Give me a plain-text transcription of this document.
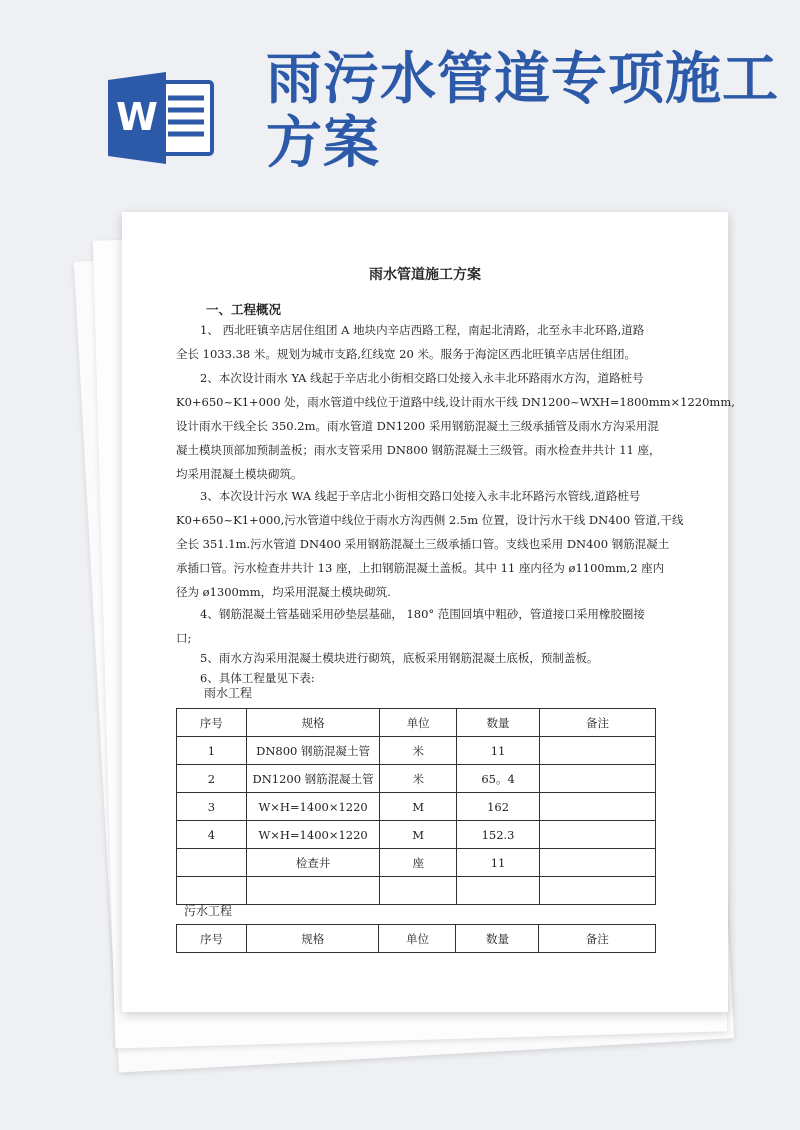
W
雨污水管道专项施工方案
雨水管道施工方案
一、工程概况
1、 西北旺镇辛店居住组团 A 地块内辛店西路工程，南起北清路，北至永丰北环路,道路
全长 1033.38 米。规划为城市支路,红线宽 20 米。服务于海淀区西北旺镇辛店居住组团。
2、本次设计雨水 YA 线起于辛店北小街相交路口处接入永丰北环路雨水方沟，道路桩号
K0+650~K1+000 处，雨水管道中线位于道路中线,设计雨水干线 DN1200~WXH=1800mm×1220mm,
设计雨水干线全长 350.2m。雨水管道 DN1200 采用钢筋混凝土三级承插管及雨水方沟采用混
凝土模块顶部加预制盖板；雨水支管采用 DN800 钢筋混凝土三级管。雨水检查井共计 11 座，
均采用混凝土模块砌筑。
3、本次设计污水 WA 线起于辛店北小街相交路口处接入永丰北环路污水管线,道路桩号
K0+650~K1+000,污水管道中线位于雨水方沟西侧 2.5m 位置，设计污水干线 DN400 管道,干线
全长 351.1m.污水管道 DN400 采用钢筋混凝土三级承插口管。支线也采用 DN400 钢筋混凝土
承插口管。污水检查井共计 13 座，上扣钢筋混凝土盖板。其中 11 座内径为 ø1100mm,2 座内
径为 ø1300mm，均采用混凝土模块砌筑.
4、钢筋混凝土管基础采用砂垫层基础， 180° 范围回填中粗砂，管道接口采用橡胶圈接
口;
5、雨水方沟采用混凝土模块进行砌筑，底板采用钢筋混凝土底板，预制盖板。
6、具体工程量见下表:
雨水工程
序号	规格	单位	数量	备注
1	DN800 钢筋混凝土管	米	11	
2	DN1200 钢筋混凝土管	米	65。4	
3	W×H=1400×1220	M	162	
4	W×H=1400×1220	M	152.3	
	检查井	座	11	

污水工程
序号	规格	单位	数量	备注
